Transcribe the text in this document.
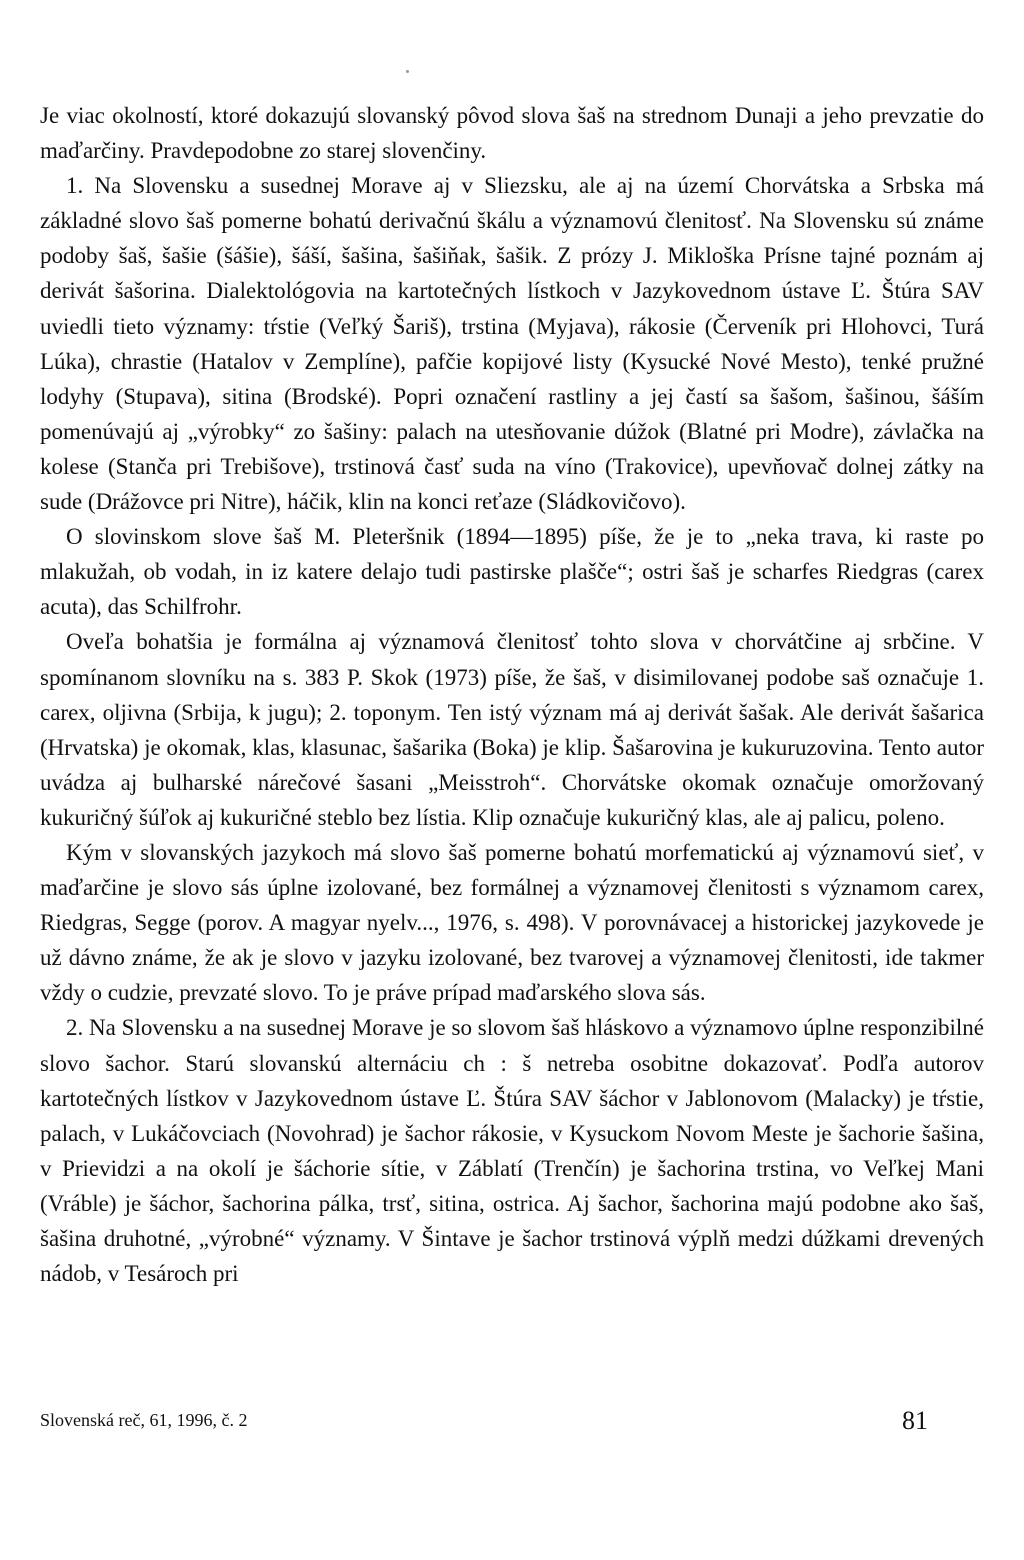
Je viac okolností, ktoré dokazujú slovanský pôvod slova šaš na strednom Dunaji a jeho prevzatie do maďarčiny. Pravdepodobne zo starej slovenčiny.

1. Na Slovensku a susednej Morave aj v Sliezsku, ale aj na území Chorvátska a Srbska má základné slovo šaš pomerne bohatú derivačnú škálu a významovú členitosť. Na Slovensku sú známe podoby šaš, šašie (šášie), šáší, šašina, šašiňak, šašik. Z prózy J. Mikloška Prísne tajné poznám aj derivát šašorina. Dialektológovia na kartotečných lístkoch v Jazykovednom ústave Ľ. Štúra SAV uviedli tieto významy: tŕstie (Veľký Šariš), trstina (Myjava), rákosie (Červeník pri Hlohovci, Turá Lúka), chrastie (Hatalov v Zemplíne), pafčie kopijové listy (Kysucké Nové Mesto), tenké pružné lodyhy (Stupava), sitina (Brodské). Popri označení rastliny a jej častí sa šašom, šašinou, šáším pomenúvajú aj „výrobky“ zo šašiny: palach na utesňovanie dúžok (Blatné pri Modre), závlačka na kolese (Stanča pri Trebišove), trstinová časť suda na víno (Trakovice), upevňovač dolnej zátky na sude (Drážovce pri Nitre), háčik, klin na konci reťaze (Sládkovičovo).

O slovinskom slove šaš M. Pleteršnik (1894—1895) píše, že je to „neka trava, ki raste po mlakužah, ob vodah, in iz katere delajo tudi pastirske plašče“; ostri šaš je scharfes Riedgras (carex acuta), das Schilfrohr.

Oveľa bohatšia je formálna aj významová členitosť tohto slova v chorvátčine aj srbčine. V spomínanom slovníku na s. 383 P. Skok (1973) píše, že šaš, v disimilovanej podobe saš označuje 1. carex, oljivna (Srbija, k jugu); 2. toponym. Ten istý význam má aj derivát šašak. Ale derivát šašarica (Hrvatska) je okomak, klas, klasunac, šašarika (Boka) je klip. Šašarovina je kukuruzovina. Tento autor uvádza aj bulharské nárečové šasani „Meisstroh“. Chorvátske okomak označuje omoržovaný kukuričný šúľok aj kukuričné steblo bez lístia. Klip označuje kukuričný klas, ale aj palicu, poleno.

Kým v slovanských jazykoch má slovo šaš pomerne bohatú morfematickú aj významovú sieť, v maďarčine je slovo sás úplne izolované, bez formálnej a významovej členitosti s významom carex, Riedgras, Segge (porov. A magyar nyelv..., 1976, s. 498). V porovnávacej a historickej jazykovede je už dávno známe, že ak je slovo v jazyku izolované, bez tvarovej a významovej členitosti, ide takmer vždy o cudzie, prevzaté slovo. To je práve prípad maďarského slova sás.

2. Na Slovensku a na susednej Morave je so slovom šaš hláskovo a významovo úplne responzibilné slovo šachor. Starú slovanskú alternáciu ch : š netreba osobitne dokazovať. Podľa autorov kartotečných lístkov v Jazykovednom ústave Ľ. Štúra SAV šáchor v Jablonovom (Malacky) je tŕstie, palach, v Lukáčovciach (Novohrad) je šachor rákosie, v Kysuckom Novom Meste je šachorie šašina, v Prievidzi a na okolí je šáchorie sítie, v Záblatí (Trenčín) je šachorina trstina, vo Veľkej Mani (Vráble) je šáchor, šachorina pálka, trsť, sitina, ostrica. Aj šachor, šachorina majú podobne ako šaš, šašina druhotné, „výrobné“ významy. V Šintave je šachor trstinová výplň medzi dúžkami drevených nádob, v Tesároch pri

Slovenská reč, 61, 1996, č. 2	81
